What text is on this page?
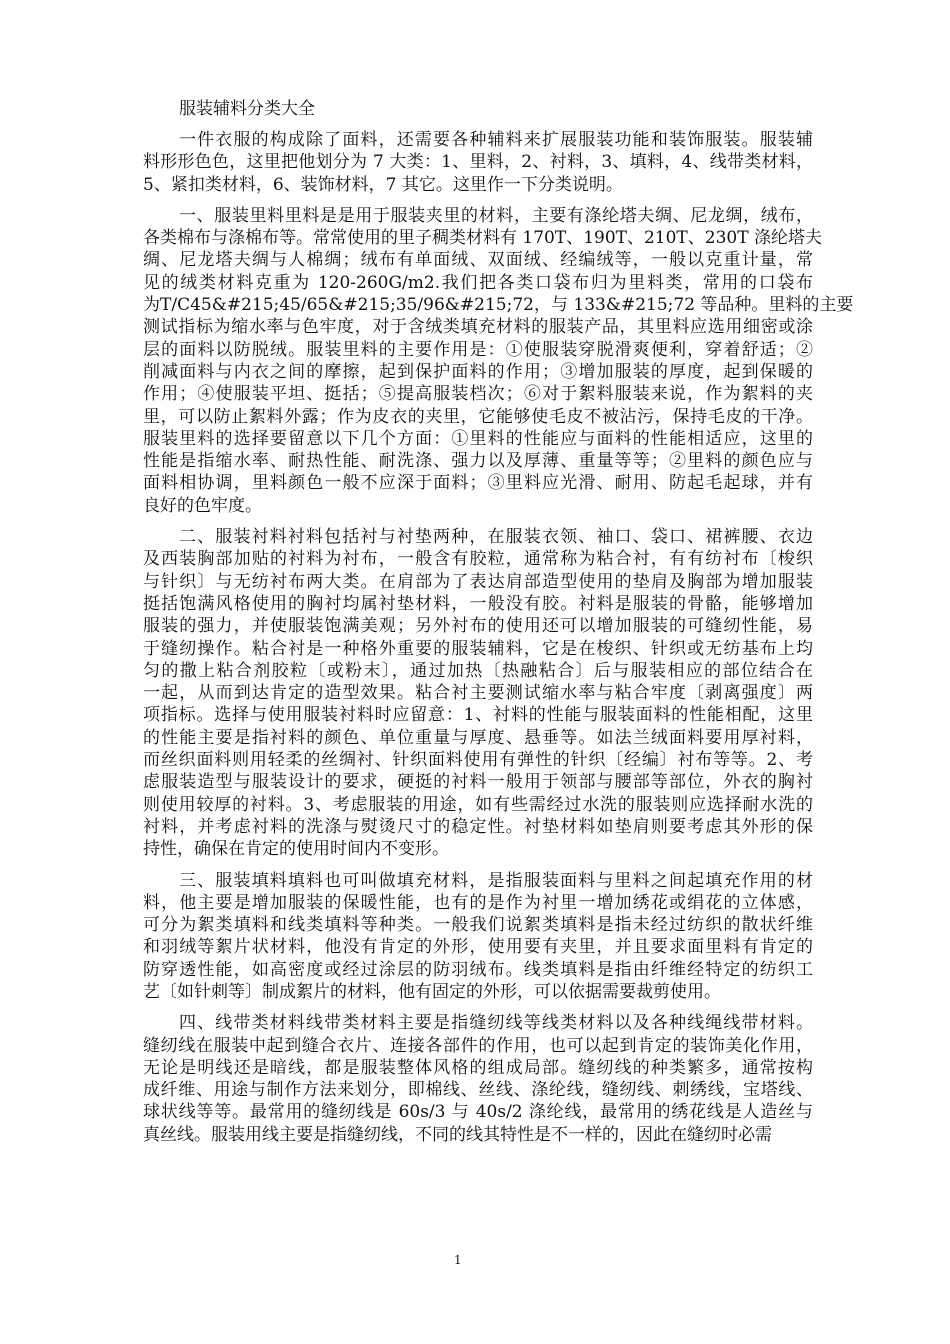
服装辅料分类大全
一件衣服的构成除了面料，还需要各种辅料来扩展服装功能和装饰服装。服装辅
料形形色色，这里把他划分为 7 大类：1、里料，2、衬料，3、填料，4、线带类材料，
5、紧扣类材料，6、装饰材料，7 其它。这里作一下分类说明。
一、服装里料里料是是用于服装夹里的材料，主要有涤纶塔夫绸、尼龙绸，绒布，
各类棉布与涤棉布等。常常使用的里子稠类材料有 170T、190T、210T、230T 涤纶塔夫
绸、尼龙塔夫绸与人棉绸；绒布有单面绒、双面绒、经编绒等，一般以克重计量，常
见的绒类材料克重为 120-260G/m2.我们把各类口袋布归为里料类，常用的口袋布
为T/C45&#215;45/65&#215;35/96&#215;72，与 133&#215;72 等品种。里料的主要
测试指标为缩水率与色牢度，对于含绒类填充材料的服装产品，其里料应选用细密或涂
层的面料以防脱绒。服装里料的主要作用是：①使服装穿脱滑爽便利，穿着舒适；②
削减面料与内衣之间的摩擦，起到保护面料的作用；③增加服装的厚度，起到保暖的
作用；④使服装平坦、挺括；⑤提高服装档次；⑥对于絮料服装来说，作为絮料的夹
里，可以防止絮料外露；作为皮衣的夹里，它能够使毛皮不被沾污，保持毛皮的干净。
服装里料的选择要留意以下几个方面：①里料的性能应与面料的性能相适应，这里的
性能是指缩水率、耐热性能、耐洗涤、强力以及厚薄、重量等等；②里料的颜色应与
面料相协调，里料颜色一般不应深于面料；③里料应光滑、耐用、防起毛起球，并有
良好的色牢度。
二、服装衬料衬料包括衬与衬垫两种，在服装衣领、袖口、袋口、裙裤腰、衣边
及西装胸部加贴的衬料为衬布，一般含有胶粒，通常称为粘合衬，有有纺衬布〔梭织
与针织〕与无纺衬布两大类。在肩部为了表达肩部造型使用的垫肩及胸部为增加服装
挺括饱满风格使用的胸衬均属衬垫材料，一般没有胶。衬料是服装的骨骼，能够增加
服装的强力，并使服装饱满美观；另外衬布的使用还可以增加服装的可缝纫性能，易
于缝纫操作。粘合衬是一种格外重要的服装辅料，它是在梭织、针织或无纺基布上均
匀的撒上粘合剂胶粒〔或粉末〕，通过加热〔热融粘合〕后与服装相应的部位结合在
一起，从而到达肯定的造型效果。粘合衬主要测试缩水率与粘合牢度〔剥离强度〕两
项指标。选择与使用服装衬料时应留意：1、衬料的性能与服装面料的性能相配，这里
的性能主要是指衬料的颜色、单位重量与厚度、悬垂等。如法兰绒面料要用厚衬料，
而丝织面料则用轻柔的丝绸衬、针织面料使用有弹性的针织〔经编〕衬布等等。2、考
虑服装造型与服装设计的要求，硬挺的衬料一般用于领部与腰部等部位，外衣的胸衬
则使用较厚的衬料。3、考虑服装的用途，如有些需经过水洗的服装则应选择耐水洗的
衬料，并考虑衬料的洗涤与熨烫尺寸的稳定性。衬垫材料如垫肩则要考虑其外形的保
持性，确保在肯定的使用时间内不变形。
三、服装填料填料也可叫做填充材料，是指服装面料与里料之间起填充作用的材
料，他主要是增加服装的保暖性能，也有的是作为衬里一增加绣花或绢花的立体感，
可分为絮类填料和线类填料等种类。一般我们说絮类填料是指未经过纺织的散状纤维
和羽绒等絮片状材料，他没有肯定的外形，使用要有夹里，并且要求面里料有肯定的
防穿透性能，如高密度或经过涂层的防羽绒布。线类填料是指由纤维经特定的纺织工
艺〔如针刺等〕制成絮片的材料，他有固定的外形，可以依据需要裁剪使用。
四、线带类材料线带类材料主要是指缝纫线等线类材料以及各种线绳线带材料。
缝纫线在服装中起到缝合衣片、连接各部件的作用，也可以起到肯定的装饰美化作用，
无论是明线还是暗线，都是服装整体风格的组成局部。缝纫线的种类繁多，通常按构
成纤维、用途与制作方法来划分，即棉线、丝线、涤纶线，缝纫线、刺绣线，宝塔线、
球状线等等。最常用的缝纫线是 60s/3 与 40s/2 涤纶线，最常用的绣花线是人造丝与
真丝线。服装用线主要是指缝纫线，不同的线其特性是不一样的，因此在缝纫时必需
1
